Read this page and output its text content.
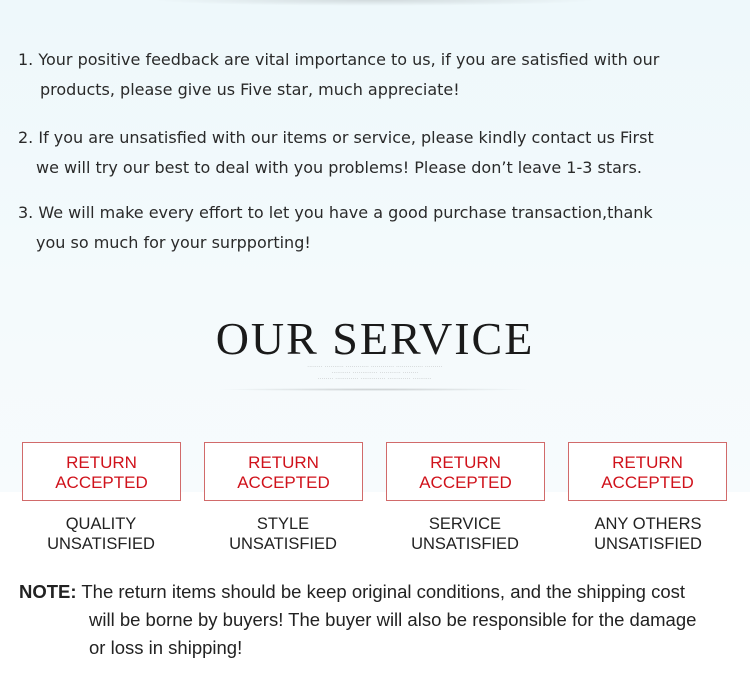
1. Your positive feedback are vital importance to us, if you are satisfied with our
products, please give us Five star, much appreciate!
2. If you are unsatisfied with our items or service, please kindly contact us First
we will try our best to deal with you problems! Please don’t leave 1-3 stars.
3. We will make every effort to let you have a good purchase transaction,thank
you so much for your surpporting!
OUR SERVICE
········ ·········· ············ ············ ·············· ·········
·········· ············· ··········· ········
········ ············ ············· ············ ··········
RETURN
ACCEPTED
RETURN
ACCEPTED
RETURN
ACCEPTED
RETURN
ACCEPTED
QUALITY
UNSATISFIED
STYLE
UNSATISFIED
SERVICE
UNSATISFIED
ANY OTHERS
UNSATISFIED
NOTE: The return items should be keep original conditions, and the shipping cost
will be borne by buyers! The buyer will also be responsible for the damage
or loss in shipping!
